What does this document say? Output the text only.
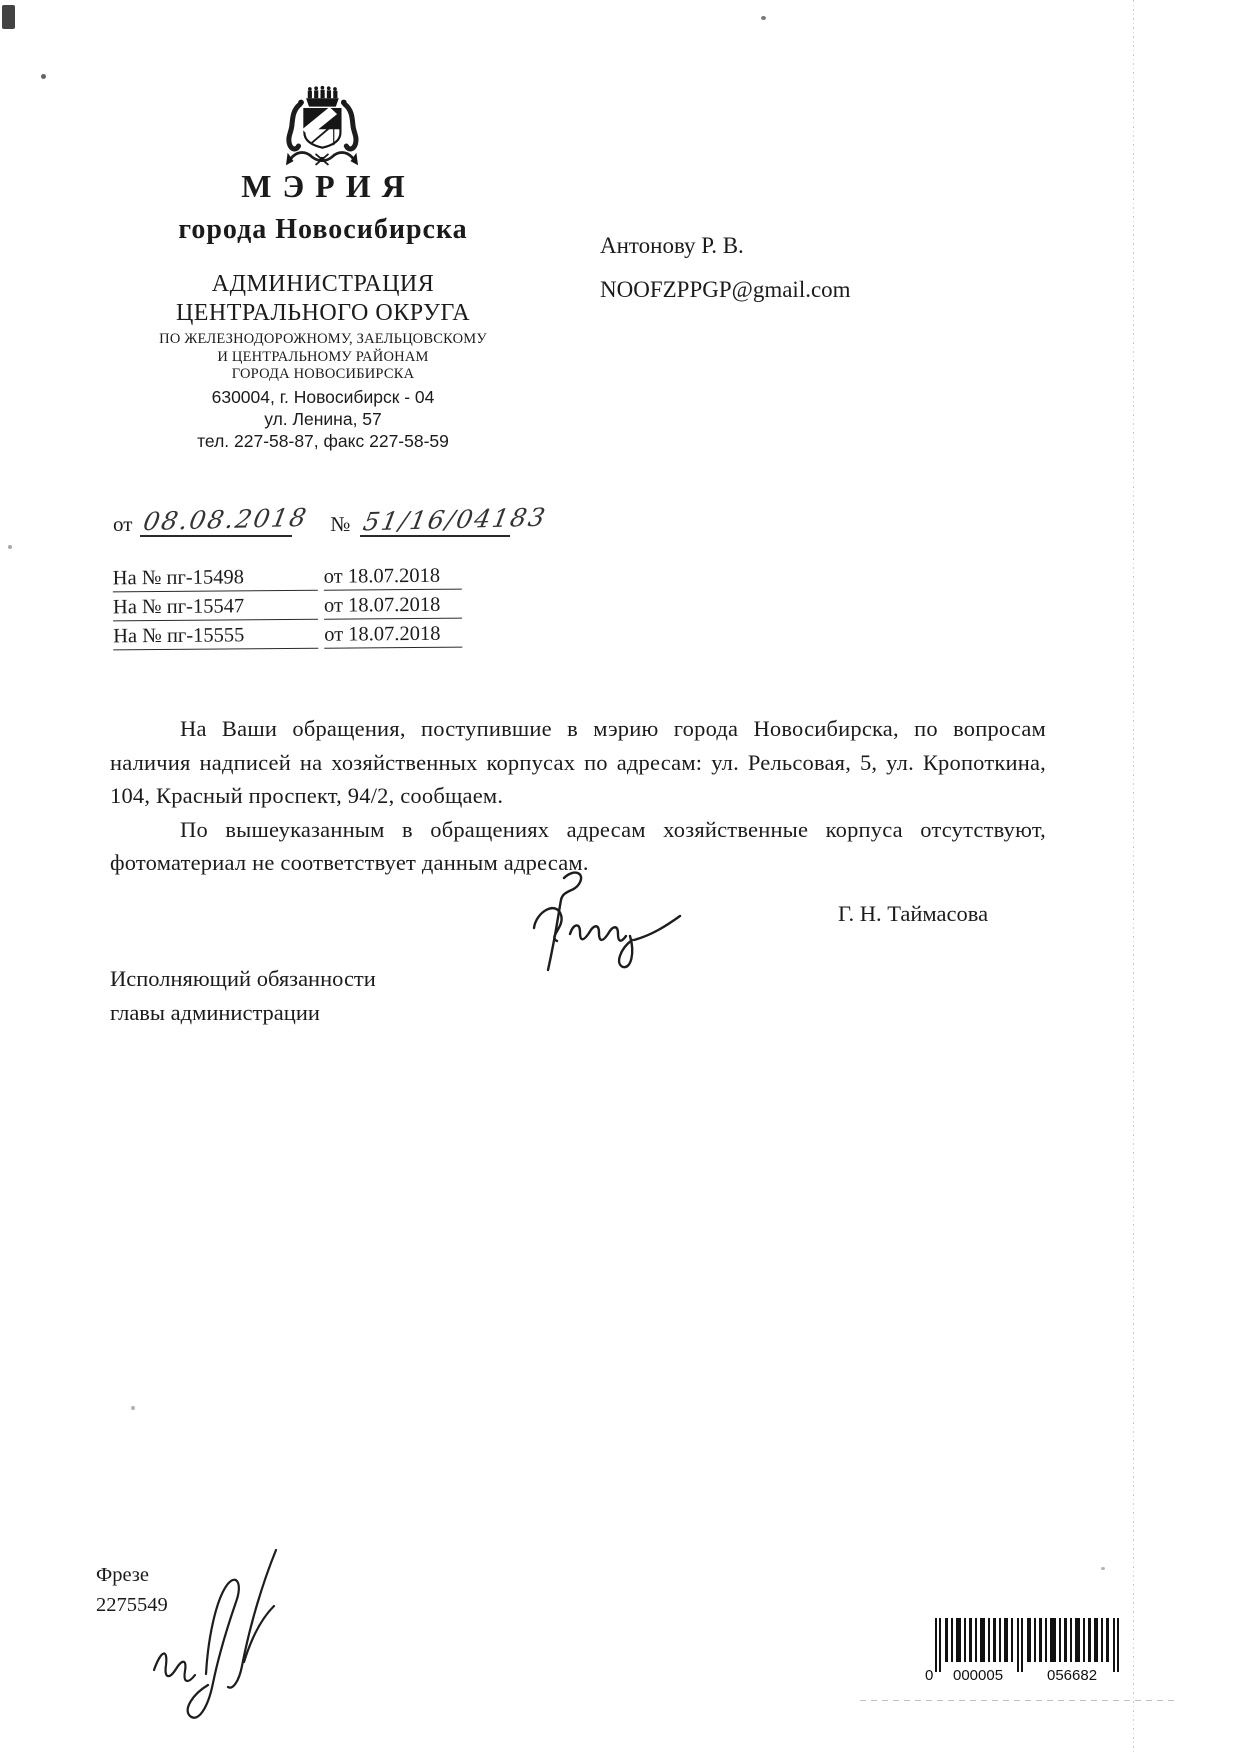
МЭРИЯ
города Новосибирска
АДМИНИСТРАЦИЯ
ЦЕНТРАЛЬНОГО ОКРУГА
ПО ЖЕЛЕЗНОДОРОЖНОМУ, ЗАЕЛЬЦОВСКОМУ
И ЦЕНТРАЛЬНОМУ РАЙОНАМ
ГОРОДА НОВОСИБИРСКА
630004, г. Новосибирск - 04
ул. Ленина, 57
тел. 227-58-87, факс 227-58-59
Антонову Р. В.
NOOFZPPGP@gmail.com
от 08.08.2018 № 51/16/04183
На № пг-15498	от 18.07.2018
На № пг-15547	от 18.07.2018
На № пг-15555	от 18.07.2018

На Ваши обращения, поступившие в мэрию города Новосибирска, по вопросам наличия надписей на хозяйственных корпусах по адресам: ул. Рельсовая, 5, ул. Кропоткина, 104, Красный проспект, 94/2, сообщаем.

По вышеуказанным в обращениях адресам хозяйственные корпуса отсутствуют, фотоматериал не соответствует данным адресам.

Исполняющий обязанности
главы администрации
Г. Н. Таймасова
Фрезе
2275549
0 000005	056682
